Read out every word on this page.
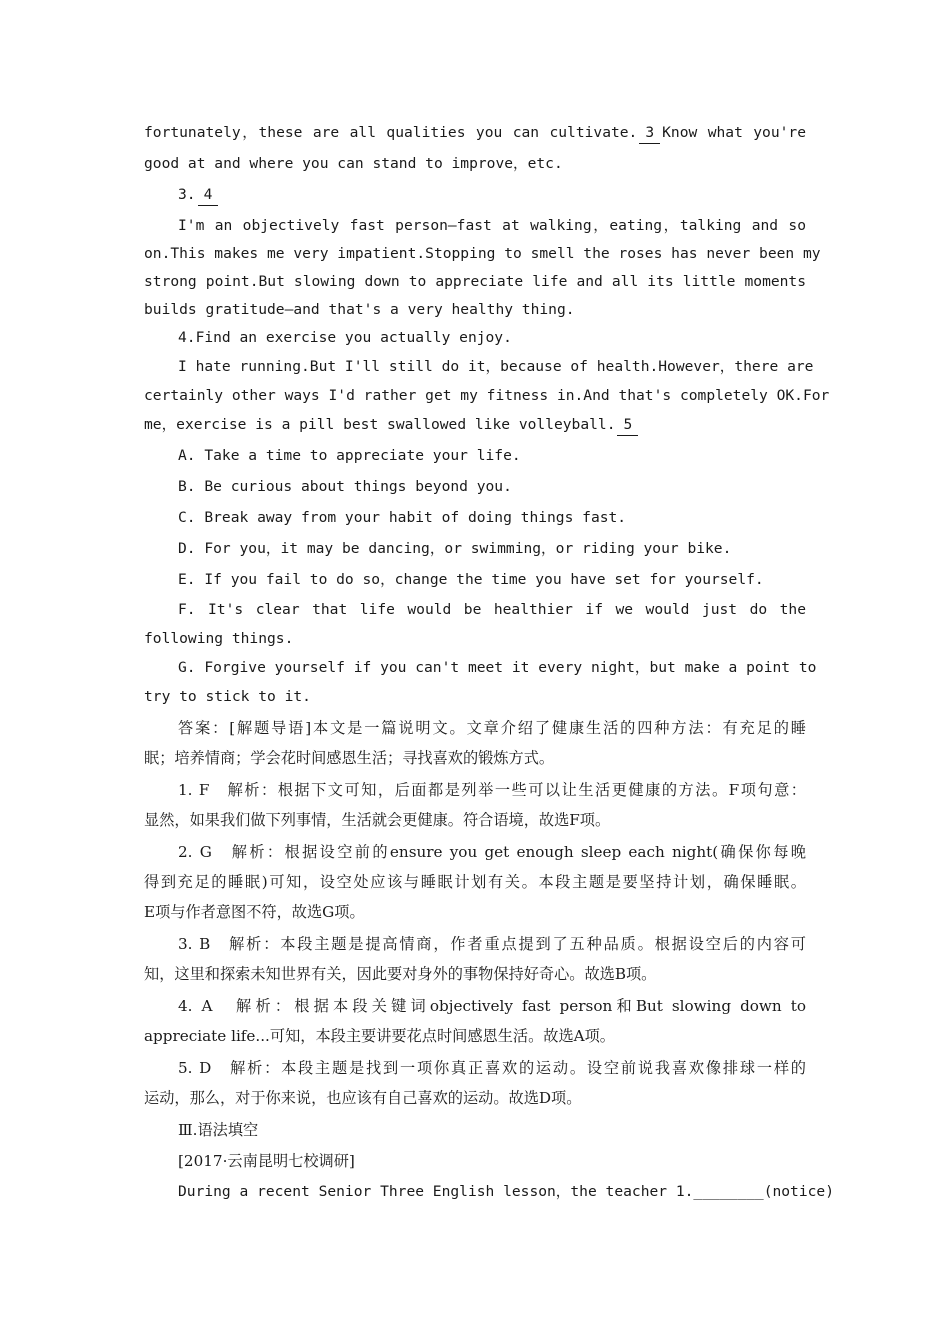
fortunately，these are all qualities you can cultivate. 3 Know what you're
good at and where you can stand to improve，etc.
3. 4
I'm an objectively fast person—fast at walking，eating，talking and so
on.This makes me very impatient.Stopping to smell the roses has never been my
strong point.But slowing down to appreciate life and all its little moments
builds gratitude—and that's a very healthy thing.
4.Find an exercise you actually enjoy.
I hate running.But I'll still do it，because of health.However，there are
certainly other ways I'd rather get my fitness in.And that's completely OK.For
me，exercise is a pill best swallowed like volleyball. 5
A. Take a time to appreciate your life.
B. Be curious about things beyond you.
C. Break away from your habit of doing things fast.
D. For you，it may be dancing，or swimming，or riding your bike.
E. If you fail to do so，change the time you have set for yourself.
F. It's clear that life would be healthier if we would just do the
following things.
G. Forgive yourself if you can't meet it every night，but make a point to
try to stick to it.
答案：[解题导语]本文是一篇说明文。文章介绍了健康生活的四种方法：有充足的睡
眠；培养情商；学会花时间感恩生活；寻找喜欢的锻炼方式。
1. F　解析：根据下文可知，后面都是列举一些可以让生活更健康的方法。F项句意：
显然，如果我们做下列事情，生活就会更健康。符合语境，故选F项。
2. G　解析：根据设空前的ensure you get enough sleep each night(确保你每晚
得到充足的睡眠)可知，设空处应该与睡眠计划有关。本段主题是要坚持计划，确保睡眠。
E项与作者意图不符，故选G项。
3. B　解析：本段主题是提高情商，作者重点提到了五种品质。根据设空后的内容可
知，这里和探索未知世界有关，因此要对身外的事物保持好奇心。故选B项。
4. A　解析：根据本段关键词objectively fast person和But slowing down to
appreciate life...可知，本段主要讲要花点时间感恩生活。故选A项。
5. D　解析：本段主题是找到一项你真正喜欢的运动。设空前说我喜欢像排球一样的
运动，那么，对于你来说，也应该有自己喜欢的运动。故选D项。
Ⅲ.语法填空
[2017·云南昆明七校调研]
During a recent Senior Three English lesson，the teacher 1.________(notice)
